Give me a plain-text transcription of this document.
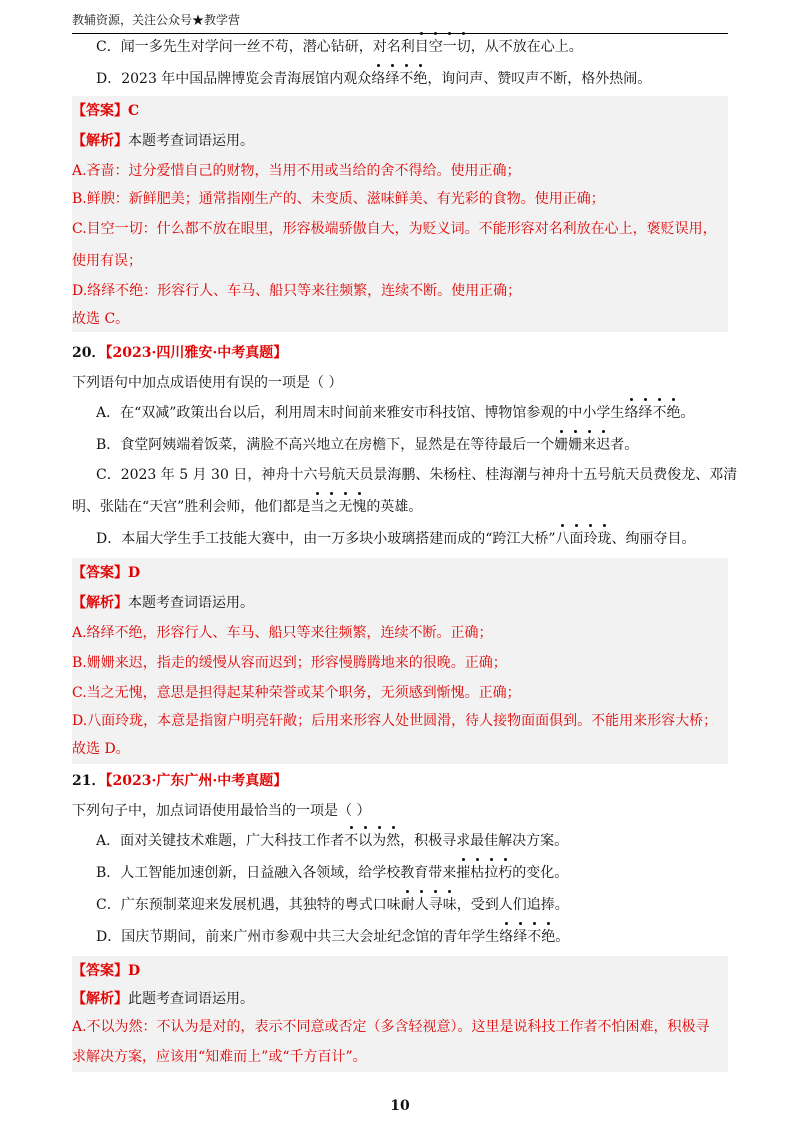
教辅资源，关注公众号★教学营
C．闻一多先生对学问一丝不苟，潜心钻研，对名利目空一切，从不放在心上。
D．2023 年中国品牌博览会青海展馆内观众络绎不绝，询问声、赞叹声不断，格外热闹。
【答案】C
【解析】本题考查词语运用。
A.吝啬：过分爱惜自己的财物，当用不用或当给的舍不得给。使用正确；
B.鲜腴：新鲜肥美；通常指刚生产的、未变质、滋味鲜美、有光彩的食物。使用正确；
C.目空一切：什么都不放在眼里，形容极端骄傲自大，为贬义词。不能形容对名利放在心上，褒贬误用，
使用有误；
D.络绎不绝：形容行人、车马、船只等来往频繁，连续不断。使用正确；
故选 C。
20．【2023·四川雅安·中考真题】
下列语句中加点成语使用有误的一项是（ ）
A．在“双减”政策出台以后，利用周末时间前来雅安市科技馆、博物馆参观的中小学生络绎不绝。
B．食堂阿姨端着饭菜，满脸不高兴地立在房檐下，显然是在等待最后一个姗姗来迟者。
C．2023 年 5 月 30 日，神舟十六号航天员景海鹏、朱杨柱、桂海潮与神舟十五号航天员费俊龙、邓清
明、张陆在“天宫”胜利会师，他们都是当之无愧的英雄。
D．本届大学生手工技能大赛中，由一万多块小玻璃搭建而成的“跨江大桥”八面玲珑、绚丽夺目。
【答案】D
【解析】本题考查词语运用。
A.络绎不绝，形容行人、车马、船只等来往频繁，连续不断。正确；
B.姗姗来迟，指走的缓慢从容而迟到；形容慢腾腾地来的很晚。正确；
C.当之无愧，意思是担得起某种荣誉或某个职务，无须感到惭愧。正确；
D.八面玲珑，本意是指窗户明亮轩敞；后用来形容人处世圆滑，待人接物面面俱到。不能用来形容大桥；
故选 D。
21．【2023·广东广州·中考真题】
下列句子中，加点词语使用最恰当的一项是（ ）
A．面对关键技术难题，广大科技工作者不以为然，积极寻求最佳解决方案。
B．人工智能加速创新，日益融入各领域，给学校教育带来摧枯拉朽的变化。
C．广东预制菜迎来发展机遇，其独特的粤式口味耐人寻味，受到人们追捧。
D．国庆节期间，前来广州市参观中共三大会址纪念馆的青年学生络绎不绝。
【答案】D
【解析】此题考查词语运用。
A.不以为然：不认为是对的，表示不同意或否定（多含轻视意）。这里是说科技工作者不怕困难，积极寻
求解决方案，应该用“知难而上”或“千方百计”。
10
